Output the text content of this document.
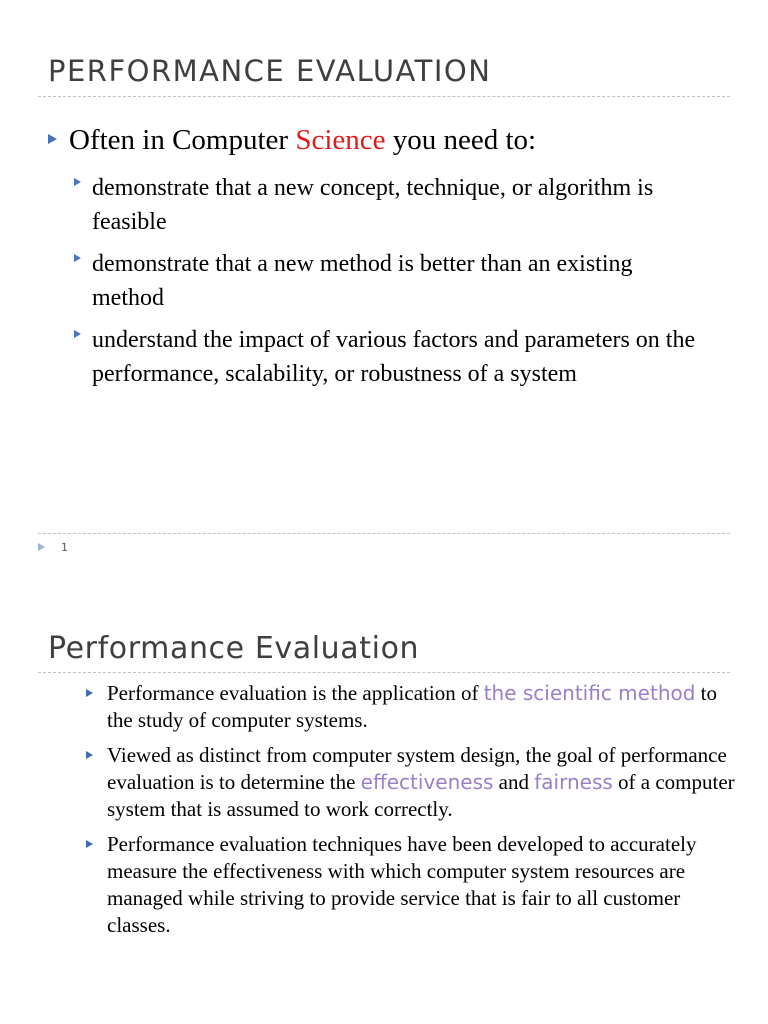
PERFORMANCE EVALUATION
Often in Computer Science you need to:
demonstrate that a new concept, technique, or algorithm is feasible
demonstrate that a new method is better than an existing method
understand the impact of various factors and parameters on the performance, scalability, or robustness of a system
1
Performance Evaluation
Performance evaluation is the application of the scientific method to the study of computer systems.
Viewed as distinct from computer system design, the goal of performance evaluation is to determine the effectiveness and fairness of a computer system that is assumed to work correctly.
Performance evaluation techniques have been developed to accurately measure the effectiveness with which computer system resources are managed while striving to provide service that is fair to all customer classes.
